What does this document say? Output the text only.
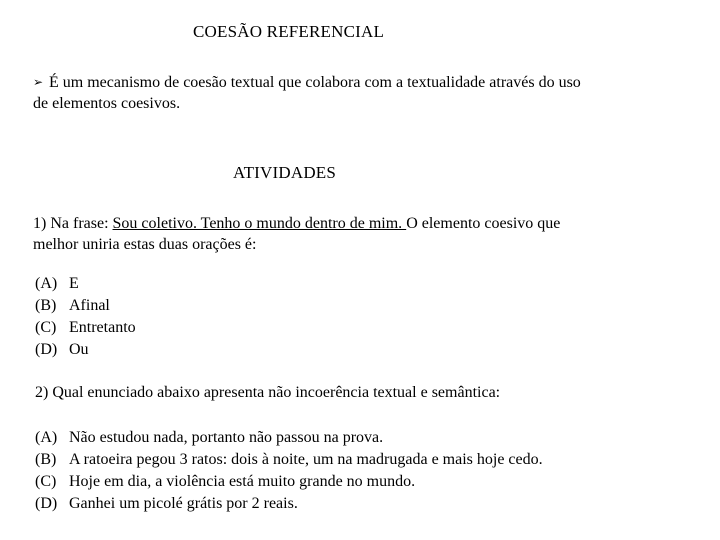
COESÃO REFERENCIAL
➢ É um mecanismo de coesão textual que colabora com a textualidade através do uso
de elementos coesivos.
ATIVIDADES
1) Na frase: Sou coletivo. Tenho o mundo dentro de mim. O elemento coesivo que
melhor uniria estas duas orações é:
(A) E
(B) Afinal
(C) Entretanto
(D) Ou
2) Qual enunciado abaixo apresenta não incoerência textual e semântica:
(A) Não estudou nada, portanto não passou na prova.
(B) A ratoeira pegou 3 ratos: dois à noite, um na madrugada e mais hoje cedo.
(C) Hoje em dia, a violência está muito grande no mundo.
(D) Ganhei um picolé grátis por 2 reais.
